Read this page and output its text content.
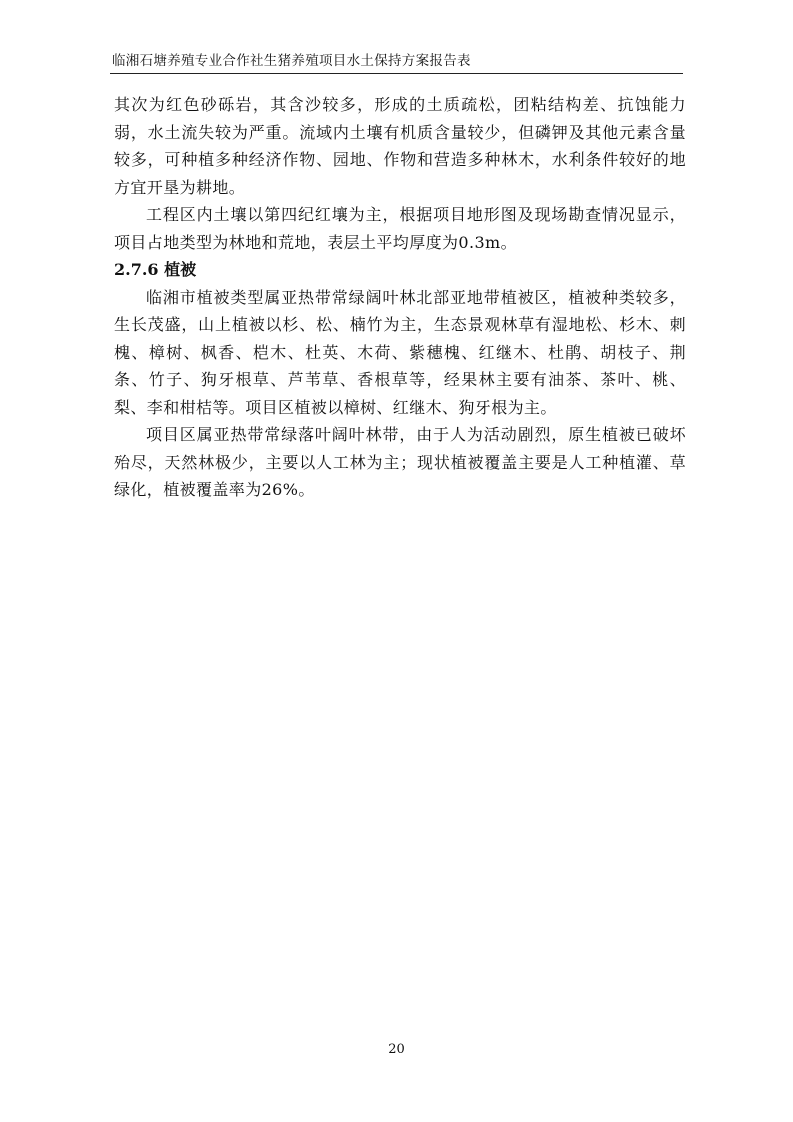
临湘石塘养殖专业合作社生猪养殖项目水土保持方案报告表

其次为红色砂砾岩，其含沙较多，形成的土质疏松，团粘结构差、抗蚀能力弱，水土流失较为严重。流域内土壤有机质含量较少，但磷钾及其他元素含量较多，可种植多种经济作物、园地、作物和营造多种林木，水利条件较好的地方宜开垦为耕地。

工程区内土壤以第四纪红壤为主，根据项目地形图及现场勘查情况显示，项目占地类型为林地和荒地，表层土平均厚度为0.3m。

2.7.6 植被

临湘市植被类型属亚热带常绿阔叶林北部亚地带植被区，植被种类较多，生长茂盛，山上植被以杉、松、楠竹为主，生态景观林草有湿地松、杉木、刺槐、樟树、枫香、桤木、杜英、木荷、紫穗槐、红继木、杜鹃、胡枝子、荆条、竹子、狗牙根草、芦苇草、香根草等，经果林主要有油茶、茶叶、桃、梨、李和柑桔等。项目区植被以樟树、红继木、狗牙根为主。

项目区属亚热带常绿落叶阔叶林带，由于人为活动剧烈，原生植被已破坏殆尽，天然林极少，主要以人工林为主；现状植被覆盖主要是人工种植灌、草绿化，植被覆盖率为26%。

20
